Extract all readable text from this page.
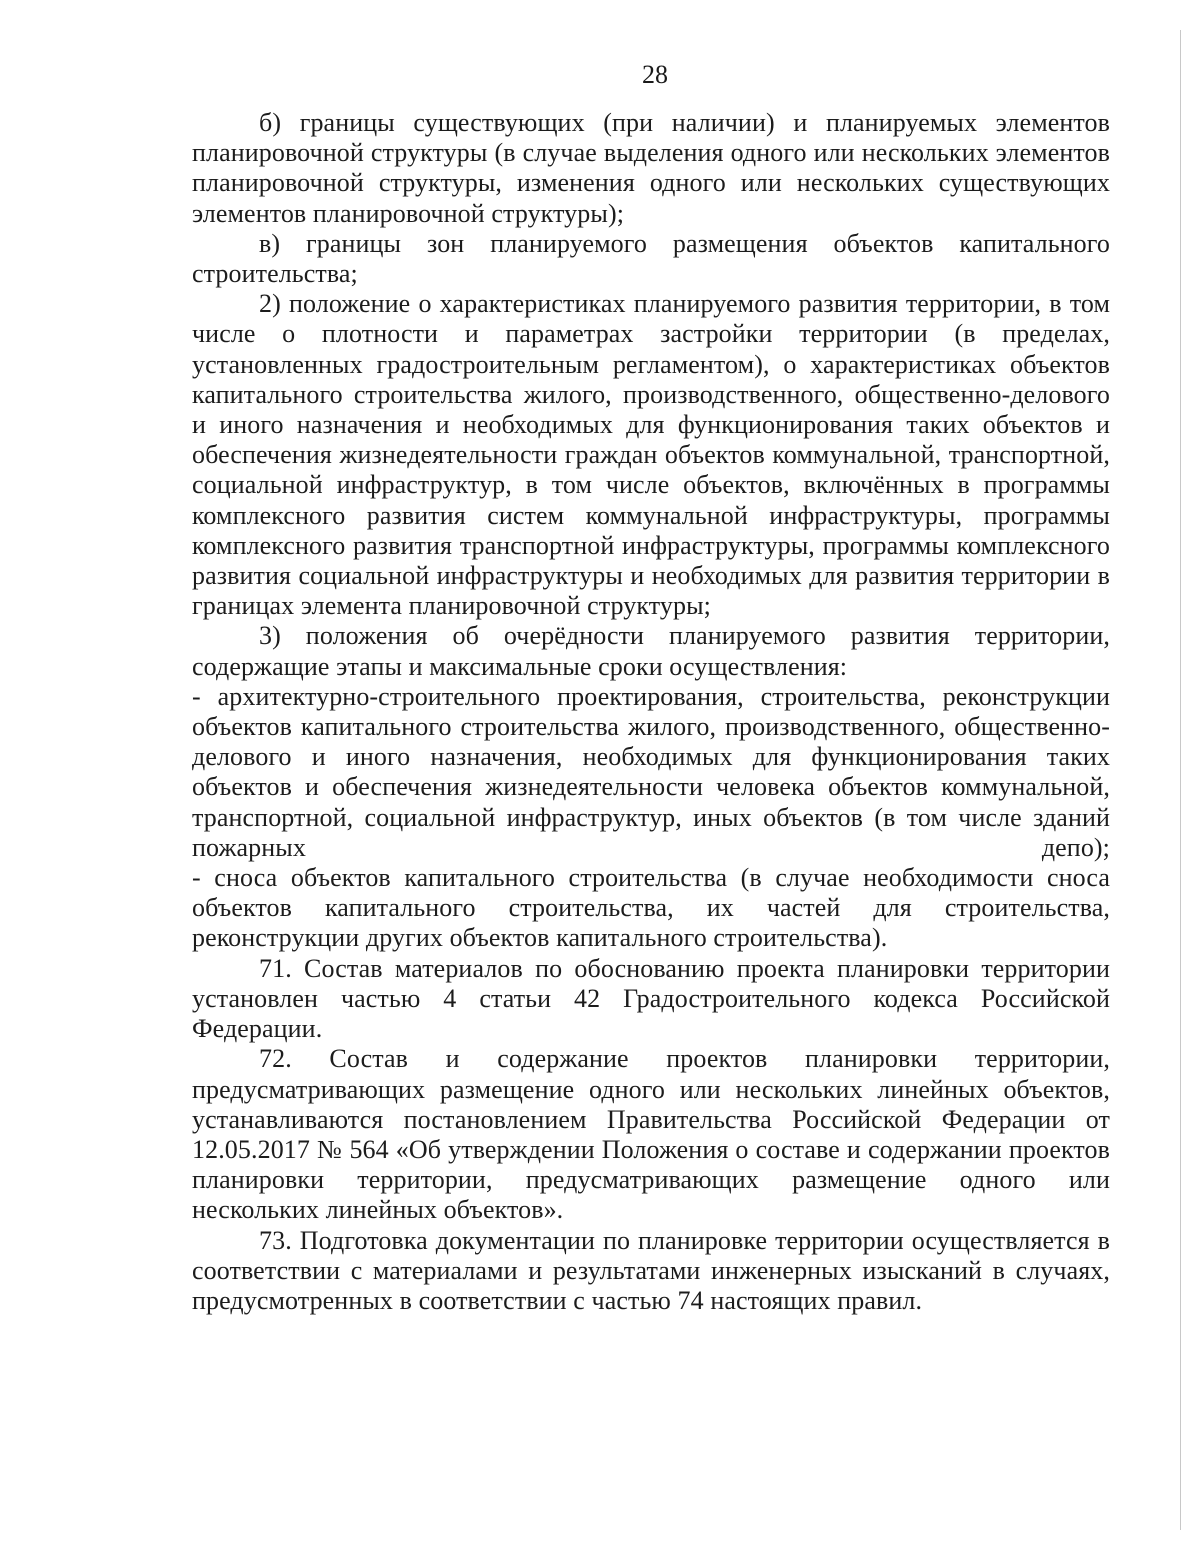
28

б) границы существующих (при наличии) и планируемых элементов планировочной структуры (в случае выделения одного или нескольких элементов планировочной структуры, изменения одного или нескольких существующих элементов планировочной структуры);

в) границы зон планируемого размещения объектов капитального строительства;

2) положение о характеристиках планируемого развития территории, в том числе о плотности и параметрах застройки территории (в пределах, установленных градостроительным регламентом), о характеристиках объектов капитального строительства жилого, производственного, общественно-делового и иного назначения и необходимых для функционирования таких объектов и обеспечения жизнедеятельности граждан объектов коммунальной, транспортной, социальной инфраструктур, в том числе объектов, включённых в программы комплексного развития систем коммунальной инфраструктуры, программы комплексного развития транспортной инфраструктуры, программы комплексного развития социальной инфраструктуры и необходимых для развития территории в границах элемента планировочной структуры;

3) положения об очерёдности планируемого развития территории, содержащие этапы и максимальные сроки осуществления:

- архитектурно-строительного проектирования, строительства, реконструкции объектов капитального строительства жилого, производственного, общественно-делового и иного назначения, необходимых для функционирования таких объектов и обеспечения жизнедеятельности человека объектов коммунальной, транспортной, социальной инфраструктур, иных объектов (в том числе зданий пожарных депо);

- сноса объектов капитального строительства (в случае необходимости сноса объектов капитального строительства, их частей для строительства, реконструкции других объектов капитального строительства).

71. Состав материалов по обоснованию проекта планировки территории установлен частью 4 статьи 42 Градостроительного кодекса Российской Федерации.

72. Состав и содержание проектов планировки территории, предусматривающих размещение одного или нескольких линейных объектов, устанавливаются постановлением Правительства Российской Федерации от 12.05.2017 № 564 «Об утверждении Положения о составе и содержании проектов планировки территории, предусматривающих размещение одного или нескольких линейных объектов».

73. Подготовка документации по планировке территории осуществляется в соответствии с материалами и результатами инженерных изысканий в случаях, предусмотренных в соответствии с частью 74 настоящих правил.
